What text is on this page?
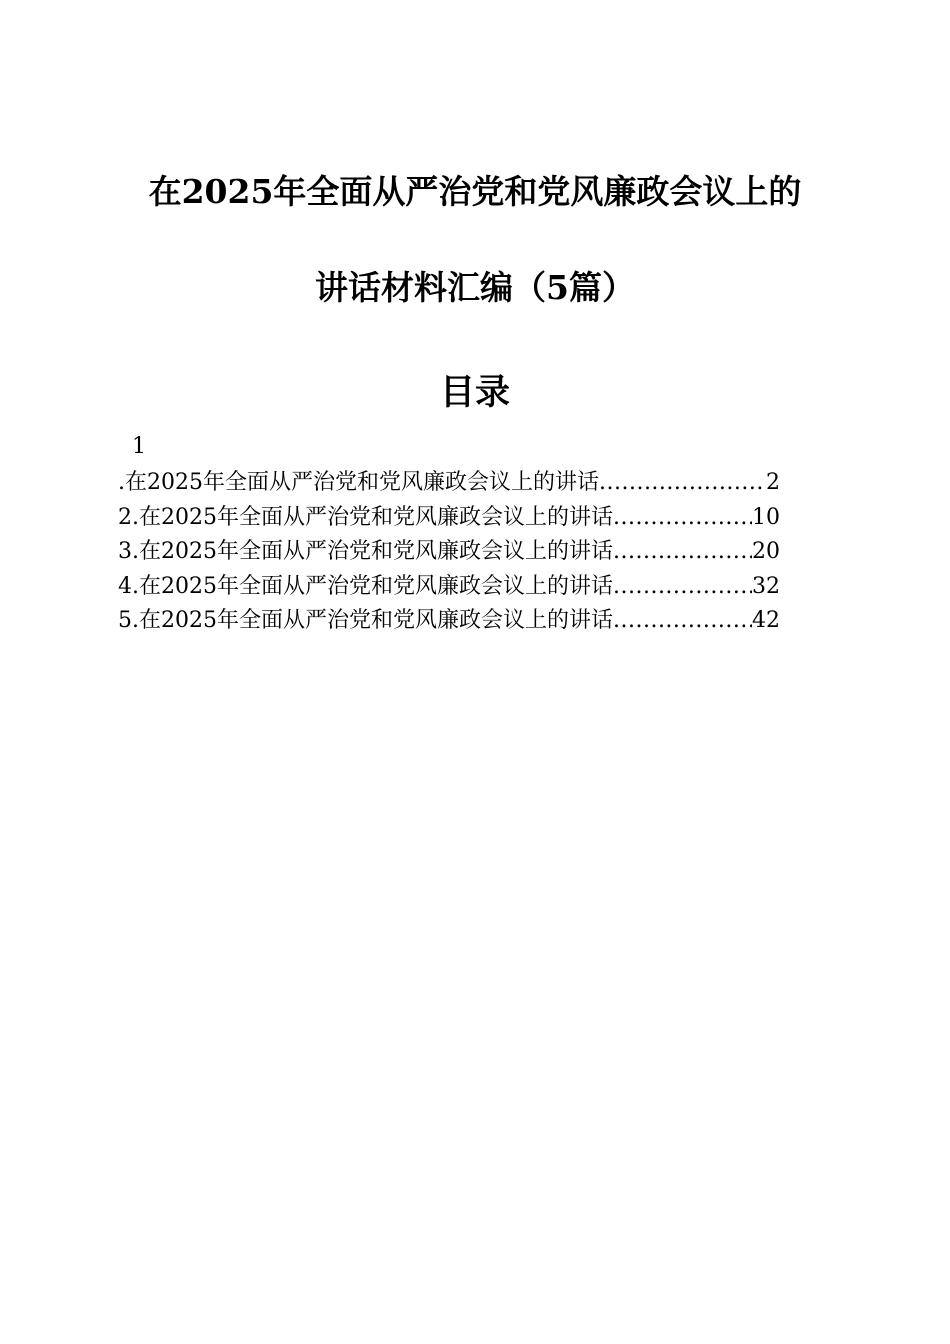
在2025年全面从严治党和党风廉政会议上的
讲话材料汇编（5篇）
目录
1
.在2025年全面从严治党和党风廉政会议上的讲话 .....	2
2.在2025年全面从严治党和党风廉政会议上的讲话 .....	10
3.在2025年全面从严治党和党风廉政会议上的讲话 .....	20
4.在2025年全面从严治党和党风廉政会议上的讲话 .....	32
5.在2025年全面从严治党和党风廉政会议上的讲话 .....	42
